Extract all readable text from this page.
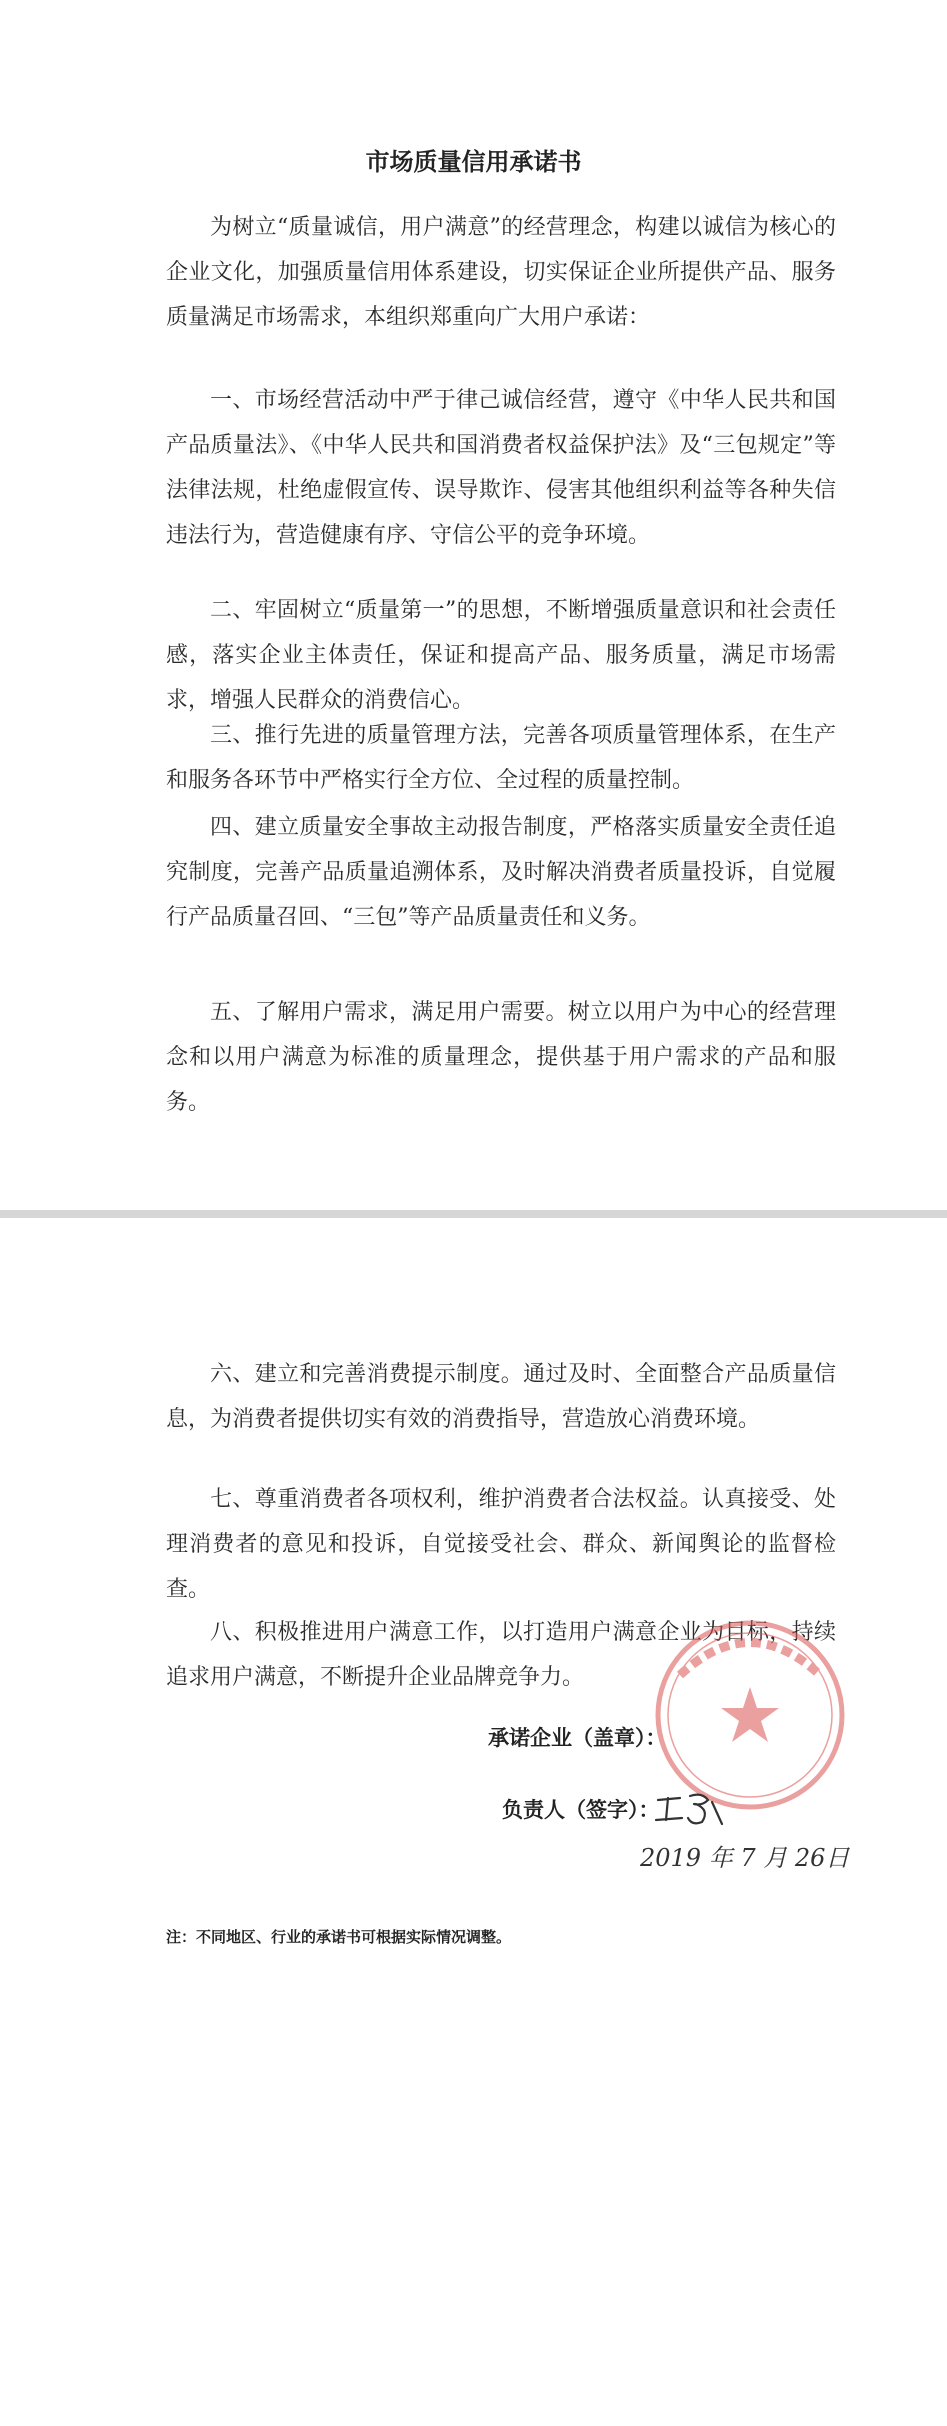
市场质量信用承诺书

为树立“质量诚信，用户满意”的经营理念，构建以诚信为核心的企业文化，加强质量信用体系建设，切实保证企业所提供产品、服务质量满足市场需求，本组织郑重向广大用户承诺：

一、市场经营活动中严于律己诚信经营，遵守《中华人民共和国产品质量法》、《中华人民共和国消费者权益保护法》及“三包规定”等法律法规，杜绝虚假宣传、误导欺诈、侵害其他组织利益等各种失信违法行为，营造健康有序、守信公平的竞争环境。

二、牢固树立“质量第一”的思想，不断增强质量意识和社会责任感，落实企业主体责任，保证和提高产品、服务质量，满足市场需求，增强人民群众的消费信心。

三、推行先进的质量管理方法，完善各项质量管理体系，在生产和服务各环节中严格实行全方位、全过程的质量控制。

四、建立质量安全事故主动报告制度，严格落实质量安全责任追究制度，完善产品质量追溯体系，及时解决消费者质量投诉，自觉履行产品质量召回、“三包”等产品质量责任和义务。

五、了解用户需求，满足用户需要。树立以用户为中心的经营理念和以用户满意为标准的质量理念，提供基于用户需求的产品和服务。

六、建立和完善消费提示制度。通过及时、全面整合产品质量信息，为消费者提供切实有效的消费指导，营造放心消费环境。

七、尊重消费者各项权利，维护消费者合法权益。认真接受、处理消费者的意见和投诉，自觉接受社会、群众、新闻舆论的监督检查。

八、积极推进用户满意工作，以打造用户满意企业为目标，持续追求用户满意，不断提升企业品牌竞争力。

承诺企业（盖章）：
负责人（签字）：
2019 年 7 月 26日
注：不同地区、行业的承诺书可根据实际情况调整。
